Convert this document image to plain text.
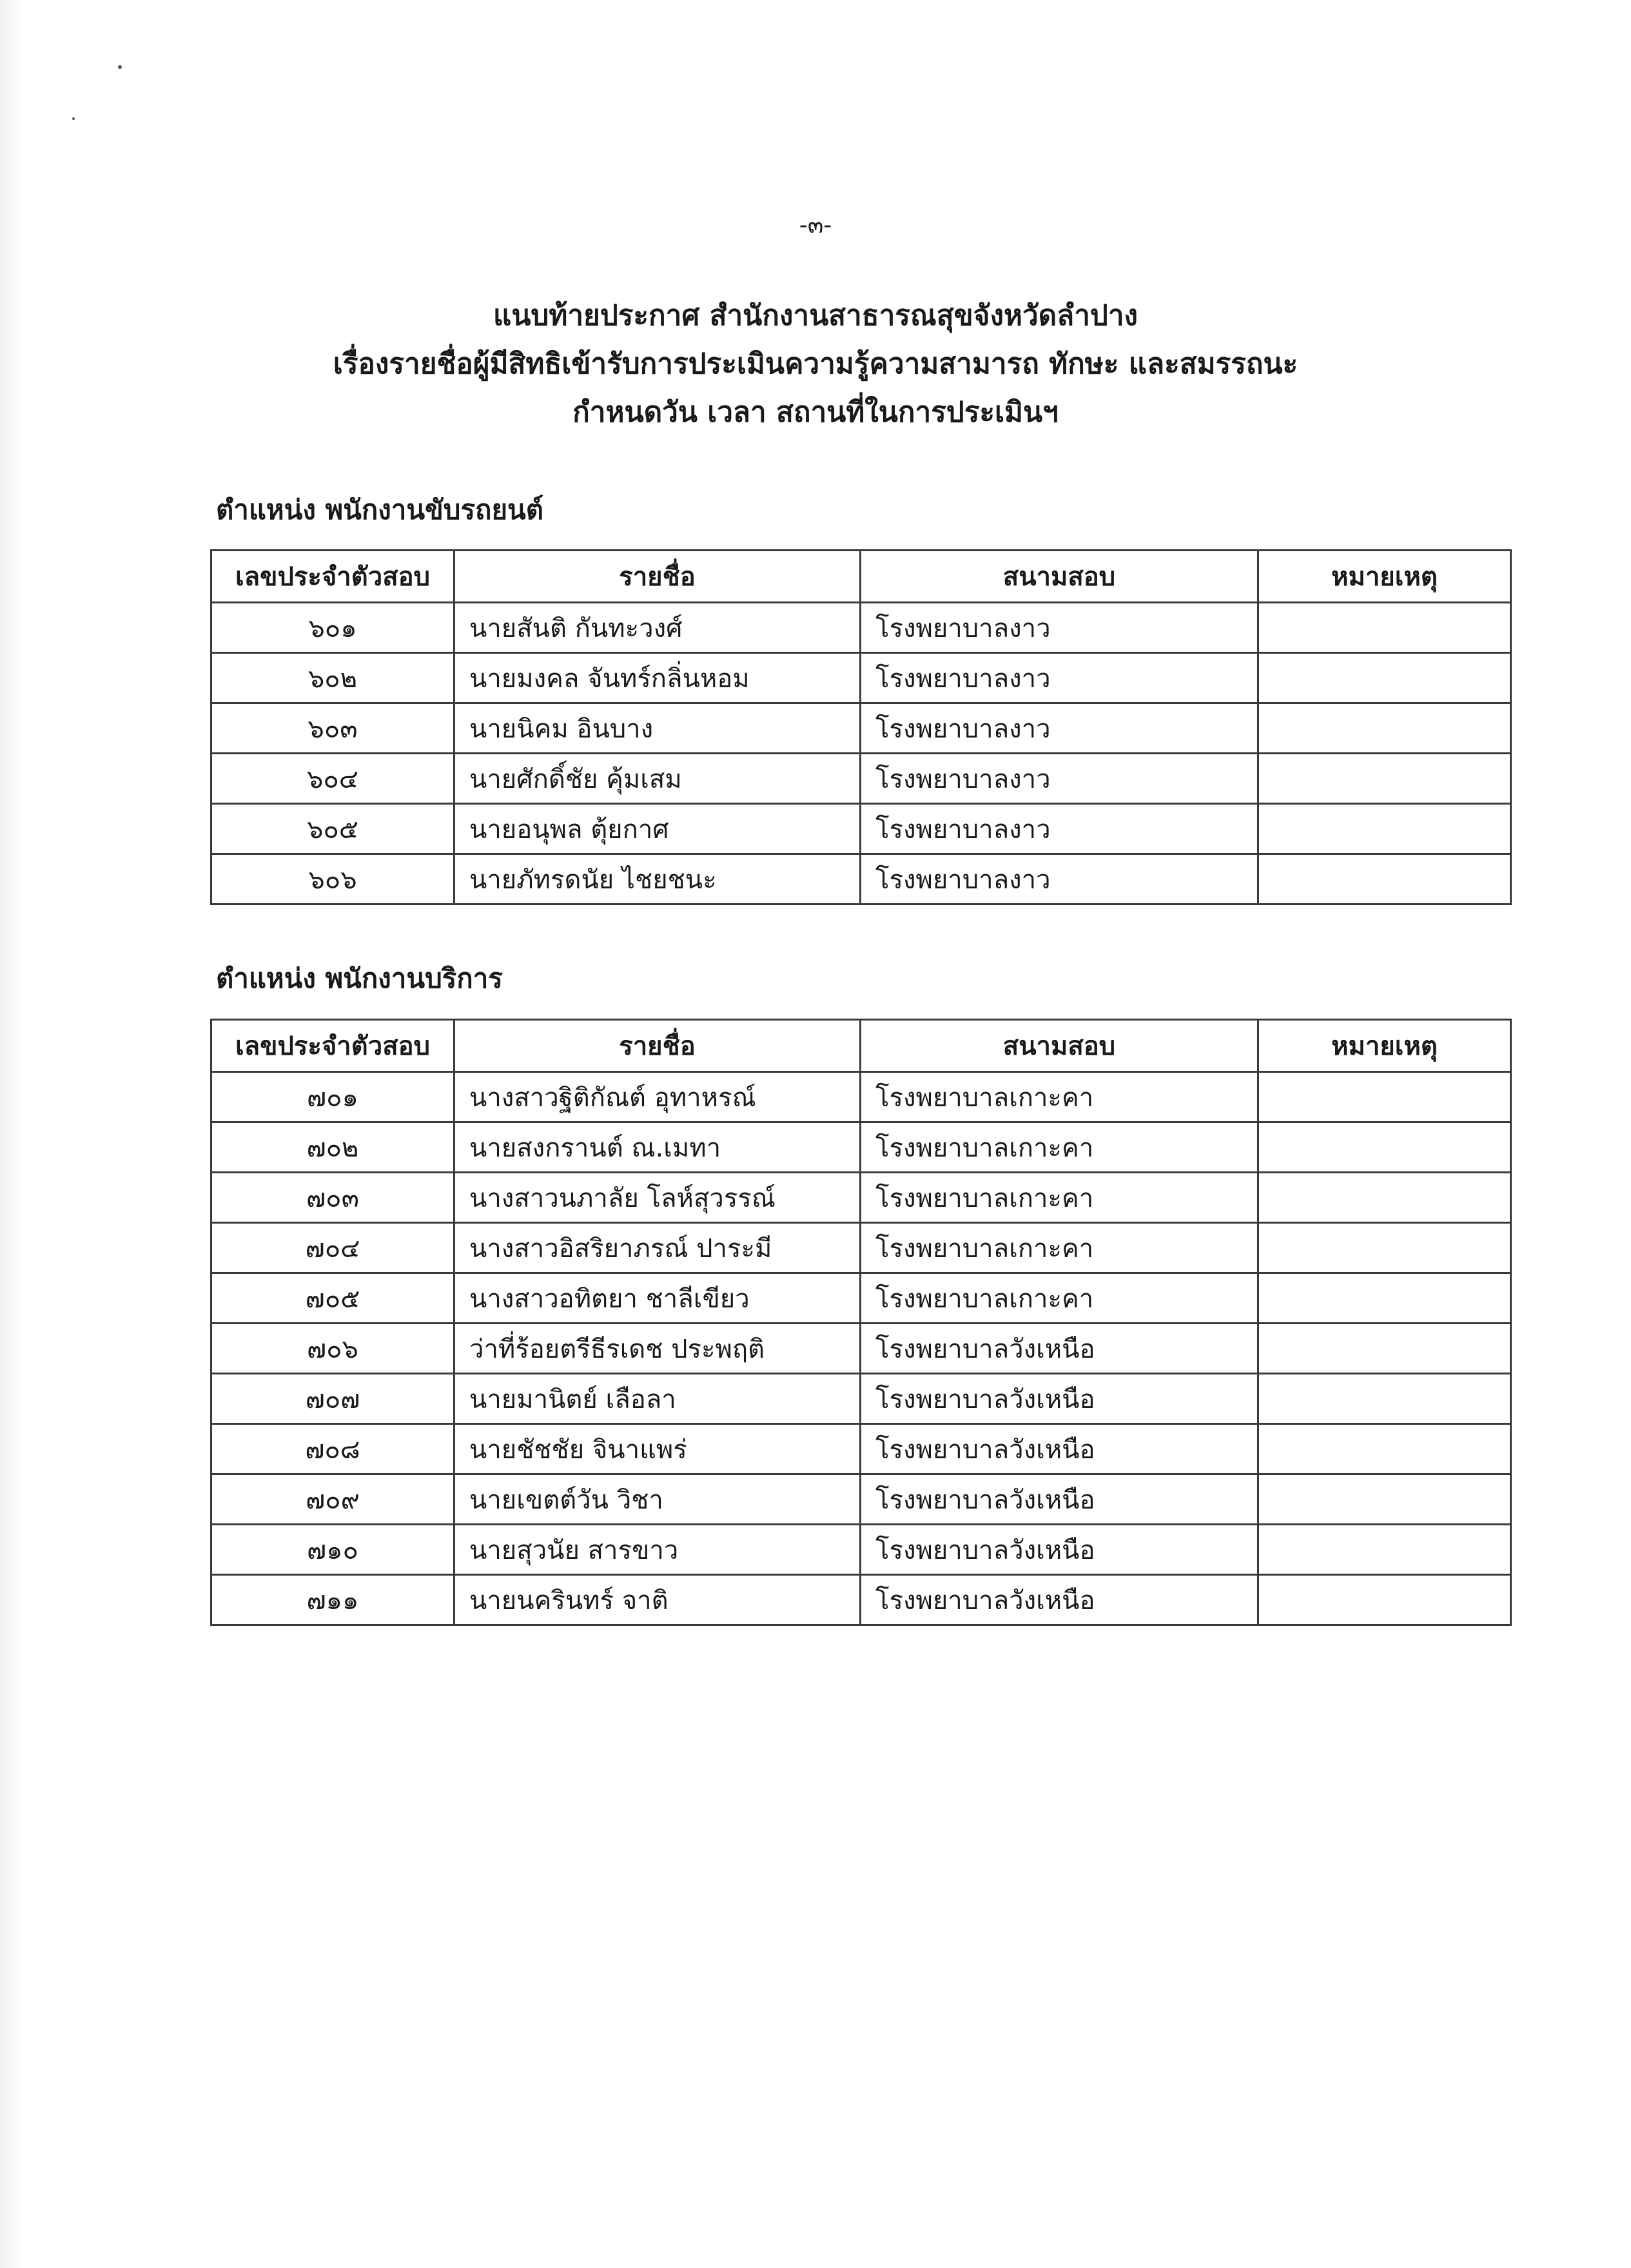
-๓-
แนบท้ายประกาศ สำนักงานสาธารณสุขจังหวัดลำปาง
เรื่องรายชื่อผู้มีสิทธิเข้ารับการประเมินความรู้ความสามารถ ทักษะ และสมรรถนะ
กำหนดวัน เวลา สถานที่ในการประเมินฯ
ตำแหน่ง พนักงานขับรถยนต์
เลขประจำตัวสอบ	รายชื่อ	สนามสอบ	หมายเหตุ
๖๐๑	นายสันติ กันทะวงศ์	โรงพยาบาลงาว	
๖๐๒	นายมงคล จันทร์กลิ่นหอม	โรงพยาบาลงาว	
๖๐๓	นายนิคม อินบาง	โรงพยาบาลงาว	
๖๐๔	นายศักดิ์ชัย คุ้มเสม	โรงพยาบาลงาว	
๖๐๕	นายอนุพล ตุ้ยกาศ	โรงพยาบาลงาว	
๖๐๖	นายภัทรดนัย ไชยชนะ	โรงพยาบาลงาว	
ตำแหน่ง พนักงานบริการ
เลขประจำตัวสอบ	รายชื่อ	สนามสอบ	หมายเหตุ
๗๐๑	นางสาวฐิติกัณต์ อุทาหรณ์	โรงพยาบาลเกาะคา	
๗๐๒	นายสงกรานต์ ณ.เมทา	โรงพยาบาลเกาะคา	
๗๐๓	นางสาวนภาลัย โลห์สุวรรณ์	โรงพยาบาลเกาะคา	
๗๐๔	นางสาวอิสริยาภรณ์ ปาระมี	โรงพยาบาลเกาะคา	
๗๐๕	นางสาวอทิตยา ชาลีเขียว	โรงพยาบาลเกาะคา	
๗๐๖	ว่าที่ร้อยตรีธีรเดช ประพฤติ	โรงพยาบาลวังเหนือ	
๗๐๗	นายมานิตย์ เลือลา	โรงพยาบาลวังเหนือ	
๗๐๘	นายชัชชัย จินาแพร่	โรงพยาบาลวังเหนือ	
๗๐๙	นายเขตต์วัน วิชา	โรงพยาบาลวังเหนือ	
๗๑๐	นายสุวนัย สารขาว	โรงพยาบาลวังเหนือ	
๗๑๑	นายนครินทร์ จาติ	โรงพยาบาลวังเหนือ	
